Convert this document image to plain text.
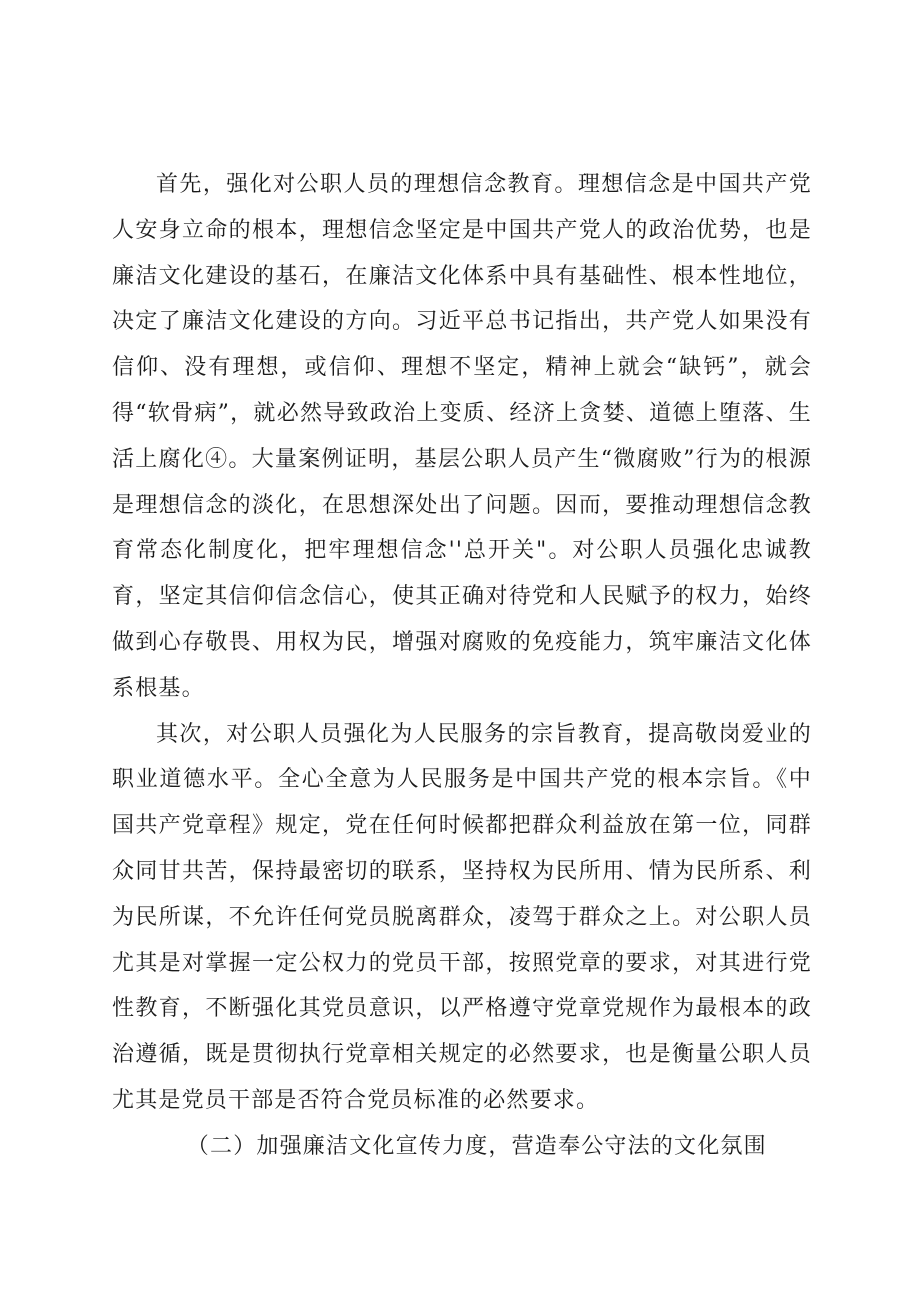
首先，强化对公职人员的理想信念教育。理想信念是中国共产党人安身立命的根本，理想信念坚定是中国共产党人的政治优势，也是廉洁文化建设的基石，在廉洁文化体系中具有基础性、根本性地位，决定了廉洁文化建设的方向。习近平总书记指出，共产党人如果没有信仰、没有理想，或信仰、理想不坚定，精神上就会“缺钙”，就会得“软骨病”，就必然导致政治上变质、经济上贪婪、道德上堕落、生活上腐化④。大量案例证明，基层公职人员产生“微腐败”行为的根源是理想信念的淡化，在思想深处出了问题。因而，要推动理想信念教育常态化制度化，把牢理想信念''总开关"。对公职人员强化忠诚教育，坚定其信仰信念信心，使其正确对待党和人民赋予的权力，始终做到心存敬畏、用权为民，增强对腐败的免疫能力，筑牢廉洁文化体系根基。

其次，对公职人员强化为人民服务的宗旨教育，提高敬岗爱业的职业道德水平。全心全意为人民服务是中国共产党的根本宗旨。《中国共产党章程》规定，党在任何时候都把群众利益放在第一位，同群众同甘共苦，保持最密切的联系，坚持权为民所用、情为民所系、利为民所谋，不允许任何党员脱离群众，凌驾于群众之上。对公职人员尤其是对掌握一定公权力的党员干部，按照党章的要求，对其进行党性教育，不断强化其党员意识，以严格遵守党章党规作为最根本的政治遵循，既是贯彻执行党章相关规定的必然要求，也是衡量公职人员尤其是党员干部是否符合党员标准的必然要求。

（二）加强廉洁文化宣传力度，营造奉公守法的文化氛围
